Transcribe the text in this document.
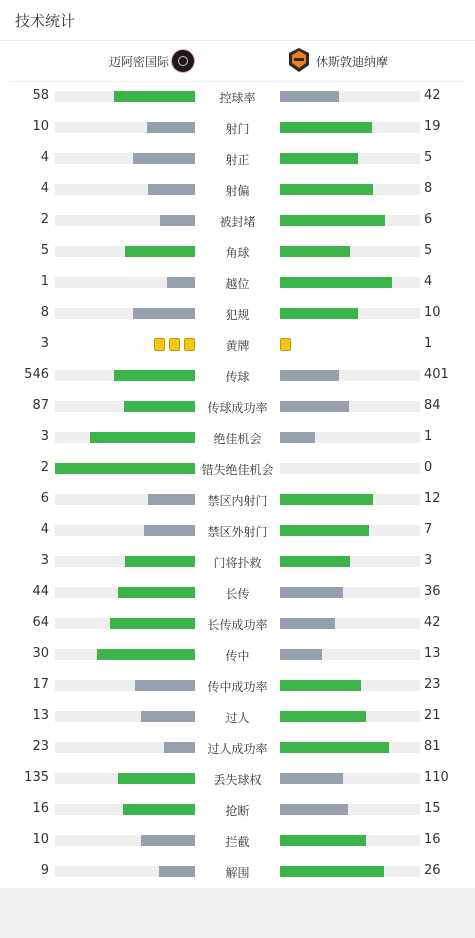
技术统计
迈阿密国际	休斯敦迪纳摩
58	控球率	42
10	射门	19
4	射正	5
4	射偏	8
2	被封堵	6
5	角球	5
1	越位	4
8	犯规	10
3	黄牌	1
546	传球	401
87	传球成功率	84
3	绝佳机会	1
2	错失绝佳机会	0
6	禁区内射门	12
4	禁区外射门	7
3	门将扑救	3
44	长传	36
64	长传成功率	42
30	传中	13
17	传中成功率	23
13	过人	21
23	过人成功率	81
135	丢失球权	110
16	抢断	15
10	拦截	16
9	解围	26
